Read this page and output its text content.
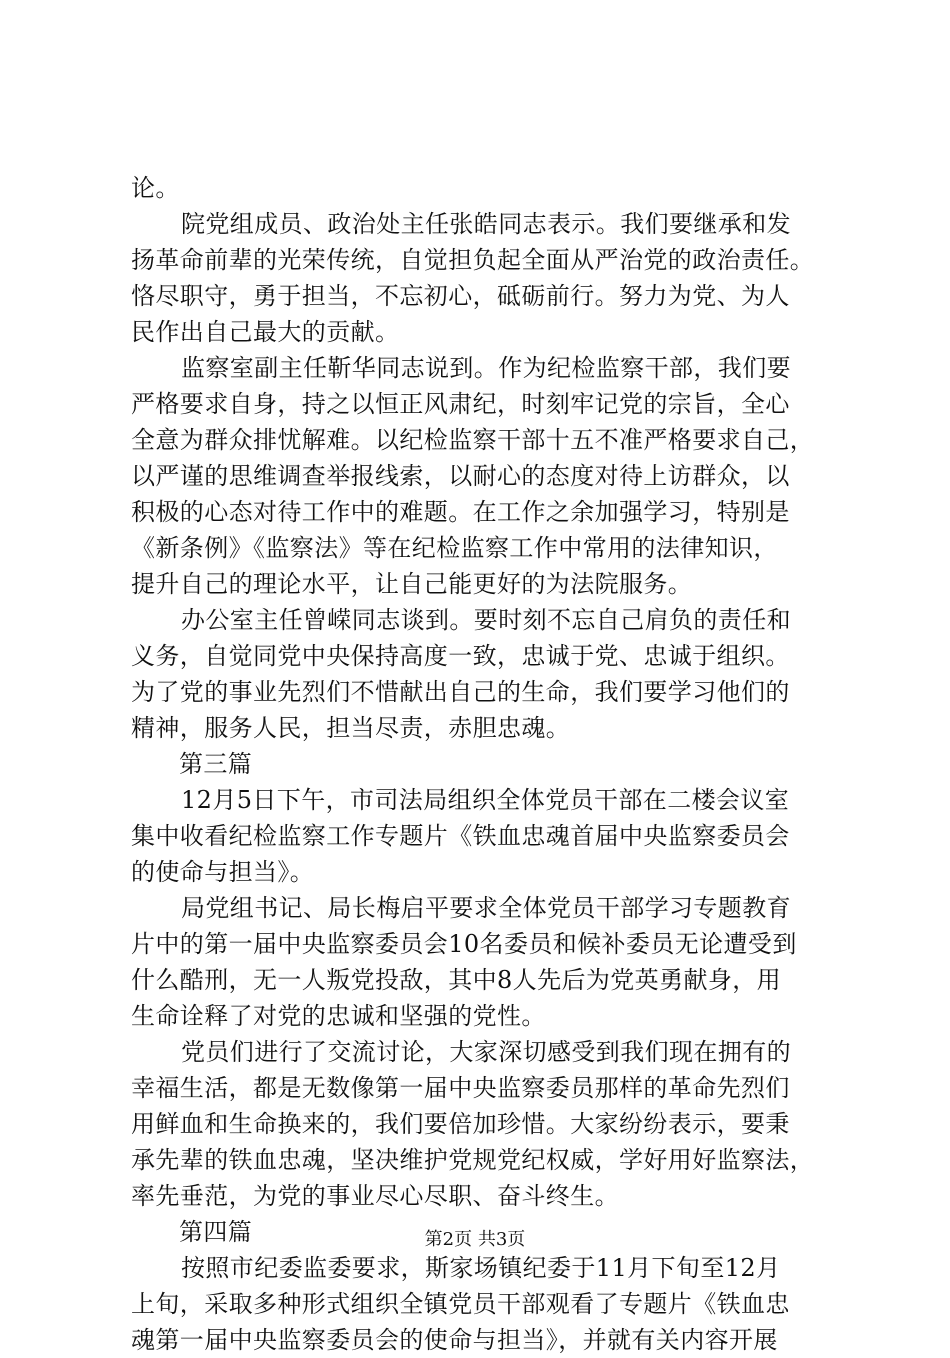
论。
院党组成员、政治处主任张皓同志表示。我们要继承和发
扬革命前辈的光荣传统，自觉担负起全面从严治党的政治责任。
恪尽职守，勇于担当，不忘初心，砥砺前行。努力为党、为人
民作出自己最大的贡献。
监察室副主任靳华同志说到。作为纪检监察干部，我们要
严格要求自身，持之以恒正风肃纪，时刻牢记党的宗旨，全心
全意为群众排忧解难。以纪检监察干部十五不准严格要求自己，
以严谨的思维调查举报线索，以耐心的态度对待上访群众，以
积极的心态对待工作中的难题。在工作之余加强学习，特别是
《新条例》《监察法》等在纪检监察工作中常用的法律知识，
提升自己的理论水平，让自己能更好的为法院服务。
办公室主任曾嵘同志谈到。要时刻不忘自己肩负的责任和
义务，自觉同党中央保持高度一致，忠诚于党、忠诚于组织。
为了党的事业先烈们不惜献出自己的生命，我们要学习他们的
精神，服务人民，担当尽责，赤胆忠魂。
第三篇
12月5日下午，市司法局组织全体党员干部在二楼会议室
集中收看纪检监察工作专题片《铁血忠魂首届中央监察委员会
的使命与担当》。
局党组书记、局长梅启平要求全体党员干部学习专题教育
片中的第一届中央监察委员会10名委员和候补委员无论遭受到
什么酷刑，无一人叛党投敌，其中8人先后为党英勇献身，用
生命诠释了对党的忠诚和坚强的党性。
党员们进行了交流讨论，大家深切感受到我们现在拥有的
幸福生活，都是无数像第一届中央监察委员那样的革命先烈们
用鲜血和生命换来的，我们要倍加珍惜。大家纷纷表示，要秉
承先辈的铁血忠魂，坚决维护党规党纪权威，学好用好监察法，
率先垂范，为党的事业尽心尽职、奋斗终生。
第四篇
按照市纪委监委要求，斯家场镇纪委于11月下旬至12月
上旬，采取多种形式组织全镇党员干部观看了专题片《铁血忠
魂第一届中央监察委员会的使命与担当》，并就有关内容开展
第2页 共3页
